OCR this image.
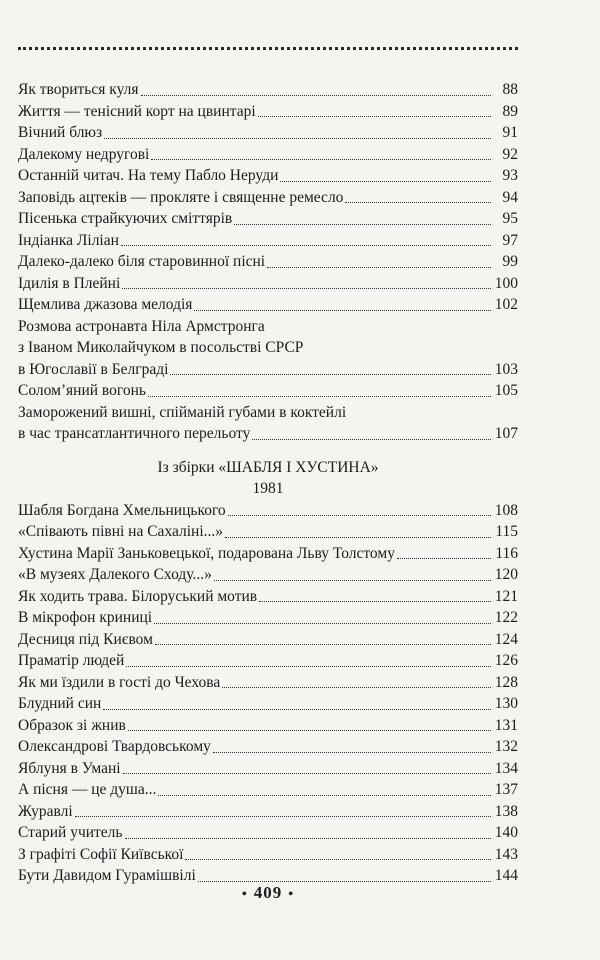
Як твориться куля	88
Життя — тенісний корт на цвинтарі	89
Вічний блюз	91
Далекому недругові	92
Останній читач. На тему Пабло Неруди	93
Заповідь ацтеків — прокляте і священне ремесло	94
Пісенька страйкуючих сміттярів	95
Індіанка Ліліан	97
Далеко-далеко біля старовинної пісні	99
Ідилія в Плейні	100
Щемлива джазова мелодія	102
Розмова астронавта Ніла Армстронга
з Іваном Миколайчуком в посольстві СРСР
в Югославії в Белграді	103
Солом’яний вогонь	105
Заморожений вишні, спійманій губами в коктейлі
в час трансатлантичного перельоту	107
Із збірки «ШАБЛЯ І ХУСТИНА»
1981
Шабля Богдана Хмельницького	108
«Співають півні на Сахаліні...»	115
Хустина Марії Заньковецької, подарована Льву Толстому	116
«В музеях Далекого Сходу...»	120
Як ходить трава. Білоруський мотив	121
В мікрофон криниці	122
Десниця під Києвом	124
Праматір людей	126
Як ми їздили в гості до Чехова	128
Блудний син	130
Образок зі жнив	131
Олександрові Твардовському	132
Яблуня в Умані	134
А пісня — це душа...	137
Журавлі	138
Старий учитель	140
З графіті Софії Київської	143
Бути Давидом Гурамішвілі	144
• 409 •
